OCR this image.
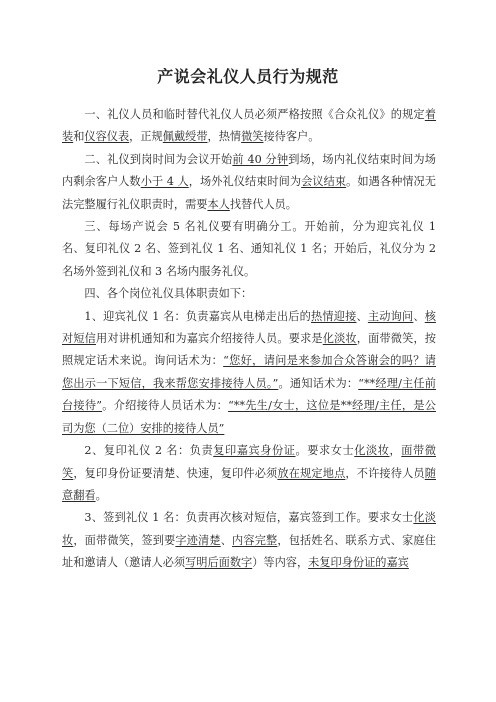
产说会礼仪人员行为规范

一、礼仪人员和临时替代礼仪人员必须严格按照《合众礼仪》的规定着装和仪容仪表，正规佩戴绶带，热情微笑接待客户。

二、礼仪到岗时间为会议开始前 40 分钟到场，场内礼仪结束时间为场内剩余客户人数小于 4 人，场外礼仪结束时间为会议结束。如遇各种情况无法完整履行礼仪职责时，需要本人找替代人员。

三、每场产说会 5 名礼仪要有明确分工。开始前，分为迎宾礼仪 1 名、复印礼仪 2 名、签到礼仪 1 名、通知礼仪 1 名；开始后，礼仪分为 2 名场外签到礼仪和 3 名场内服务礼仪。

四、各个岗位礼仪具体职责如下：

1、迎宾礼仪 1 名：负责嘉宾从电梯走出后的热情迎接、主动询问、核对短信用对讲机通知和为嘉宾介绍接待人员。要求是化淡妆，面带微笑，按照规定话术来说。询问话术为：“您好，请问是来参加合众答谢会的吗？请您出示一下短信，我来帮您安排接待人员。”。通知话术为：“**经理/主任前台接待”。介绍接待人员话术为：“**先生/女士，这位是**经理/主任，是公司为您（二位）安排的接待人员”

2、复印礼仪 2 名：负责复印嘉宾身份证。要求女士化淡妆，面带微笑，复印身份证要清楚、快速，复印件必须放在规定地点，不许接待人员随意翻看。

3、签到礼仪 1 名：负责再次核对短信，嘉宾签到工作。要求女士化淡妆，面带微笑，签到要字迹清楚、内容完整，包括姓名、联系方式、家庭住址和邀请人（邀请人必须写明后面数字）等内容，未复印身份证的嘉宾
